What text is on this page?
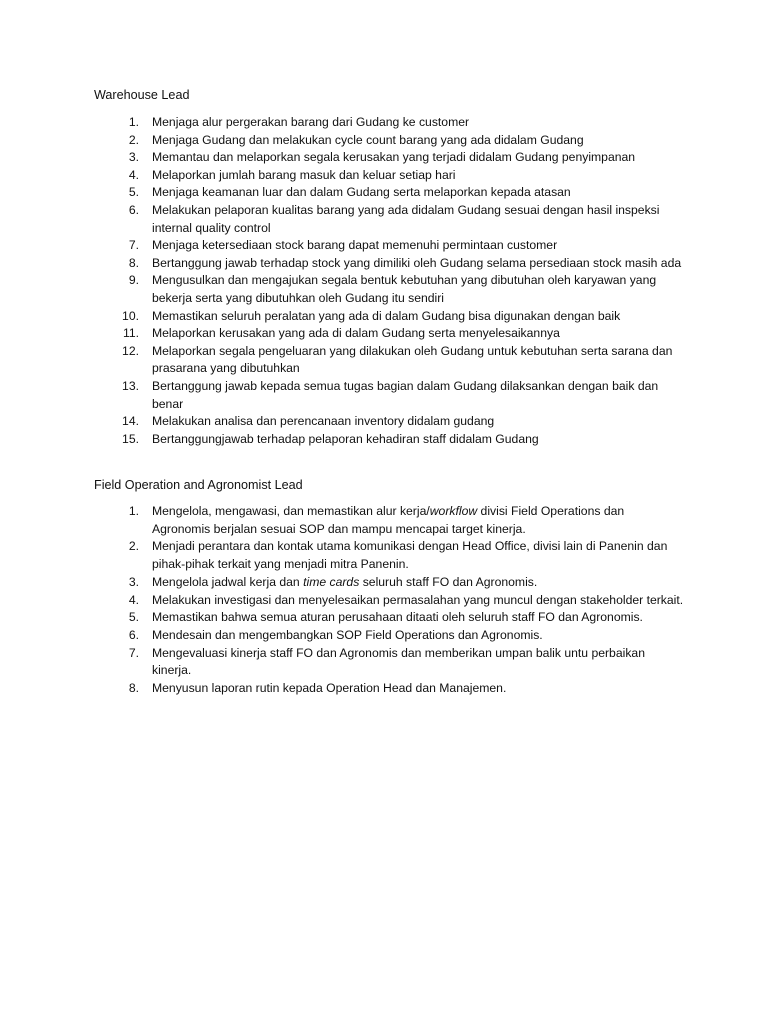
Warehouse Lead
1.	Menjaga alur pergerakan barang dari Gudang ke customer
2.	Menjaga Gudang dan melakukan cycle count barang yang ada didalam Gudang
3.	Memantau dan melaporkan segala kerusakan yang terjadi didalam Gudang penyimpanan
4.	Melaporkan jumlah barang masuk dan keluar setiap hari
5.	Menjaga keamanan luar dan dalam Gudang serta melaporkan kepada atasan
6.	Melakukan pelaporan kualitas barang yang ada didalam Gudang sesuai dengan hasil inspeksi internal quality control
7.	Menjaga ketersediaan stock barang dapat memenuhi permintaan customer
8.	Bertanggung jawab terhadap stock yang dimiliki oleh Gudang selama persediaan stock masih ada
9.	Mengusulkan dan mengajukan segala bentuk kebutuhan yang dibutuhan oleh karyawan yang bekerja serta yang dibutuhkan oleh Gudang itu sendiri
10.	Memastikan seluruh peralatan yang ada di dalam Gudang bisa digunakan dengan baik
11.	Melaporkan kerusakan yang ada di dalam Gudang serta menyelesaikannya
12.	Melaporkan segala pengeluaran yang dilakukan oleh Gudang untuk kebutuhan serta sarana dan prasarana yang dibutuhkan
13.	Bertanggung jawab kepada semua tugas bagian dalam Gudang dilaksankan dengan baik dan benar
14.	Melakukan analisa dan perencanaan inventory didalam gudang
15.	Bertanggungjawab terhadap pelaporan kehadiran staff didalam Gudang
Field Operation and Agronomist Lead
1.	Mengelola, mengawasi, dan memastikan alur kerja/workflow divisi Field Operations dan Agronomis berjalan sesuai SOP dan mampu mencapai target kinerja.
2.	Menjadi perantara dan kontak utama komunikasi dengan Head Office, divisi lain di Panenin dan pihak-pihak terkait yang menjadi mitra Panenin.
3.	Mengelola jadwal kerja dan time cards seluruh staff FO dan Agronomis.
4.	Melakukan investigasi dan menyelesaikan permasalahan yang muncul dengan stakeholder terkait.
5.	Memastikan bahwa semua aturan perusahaan ditaati oleh seluruh staff FO dan Agronomis.
6.	Mendesain dan mengembangkan SOP Field Operations dan Agronomis.
7.	Mengevaluasi kinerja staff FO dan Agronomis dan memberikan umpan balik untu perbaikan kinerja.
8.	Menyusun laporan rutin kepada Operation Head dan Manajemen.
